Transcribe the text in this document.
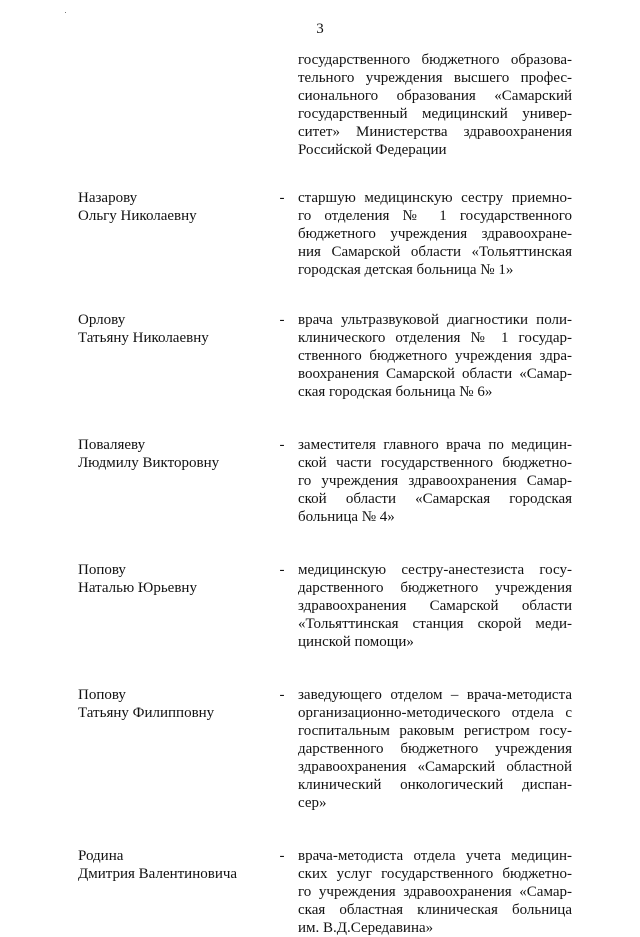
3
государственного бюджетного образова-
тельного учреждения высшего профес-
сионального образования «Самарский
государственный медицинский универ-
ситет» Министерства здравоохранения
Российской Федерации
Назарову
Ольгу Николаевну
- старшую медицинскую сестру приемно-
го отделения № 1 государственного
бюджетного учреждения здравоохране-
ния Самарской области «Тольяттинская
городская детская больница № 1»
Орлову
Татьяну Николаевну
- врача ультразвуковой диагностики поли-
клинического отделения № 1 государ-
ственного бюджетного учреждения здра-
воохранения Самарской области «Самар-
ская городская больница № 6»
Поваляеву
Людмилу Викторовну
- заместителя главного врача по медицин-
ской части государственного бюджетно-
го учреждения здравоохранения Самар-
ской области «Самарская городская
больница № 4»
Попову
Наталью Юрьевну
- медицинскую сестру-анестезиста госу-
дарственного бюджетного учреждения
здравоохранения Самарской области
«Тольяттинская станция скорой меди-
цинской помощи»
Попову
Татьяну Филипповну
- заведующего отделом – врача-методиста
организационно-методического отдела с
госпитальным раковым регистром госу-
дарственного бюджетного учреждения
здравоохранения «Самарский областной
клинический онкологический диспан-
сер»
Родина
Дмитрия Валентиновича
- врача-методиста отдела учета медицин-
ских услуг государственного бюджетно-
го учреждения здравоохранения «Самар-
ская областная клиническая больница
им. В.Д.Середавина»
